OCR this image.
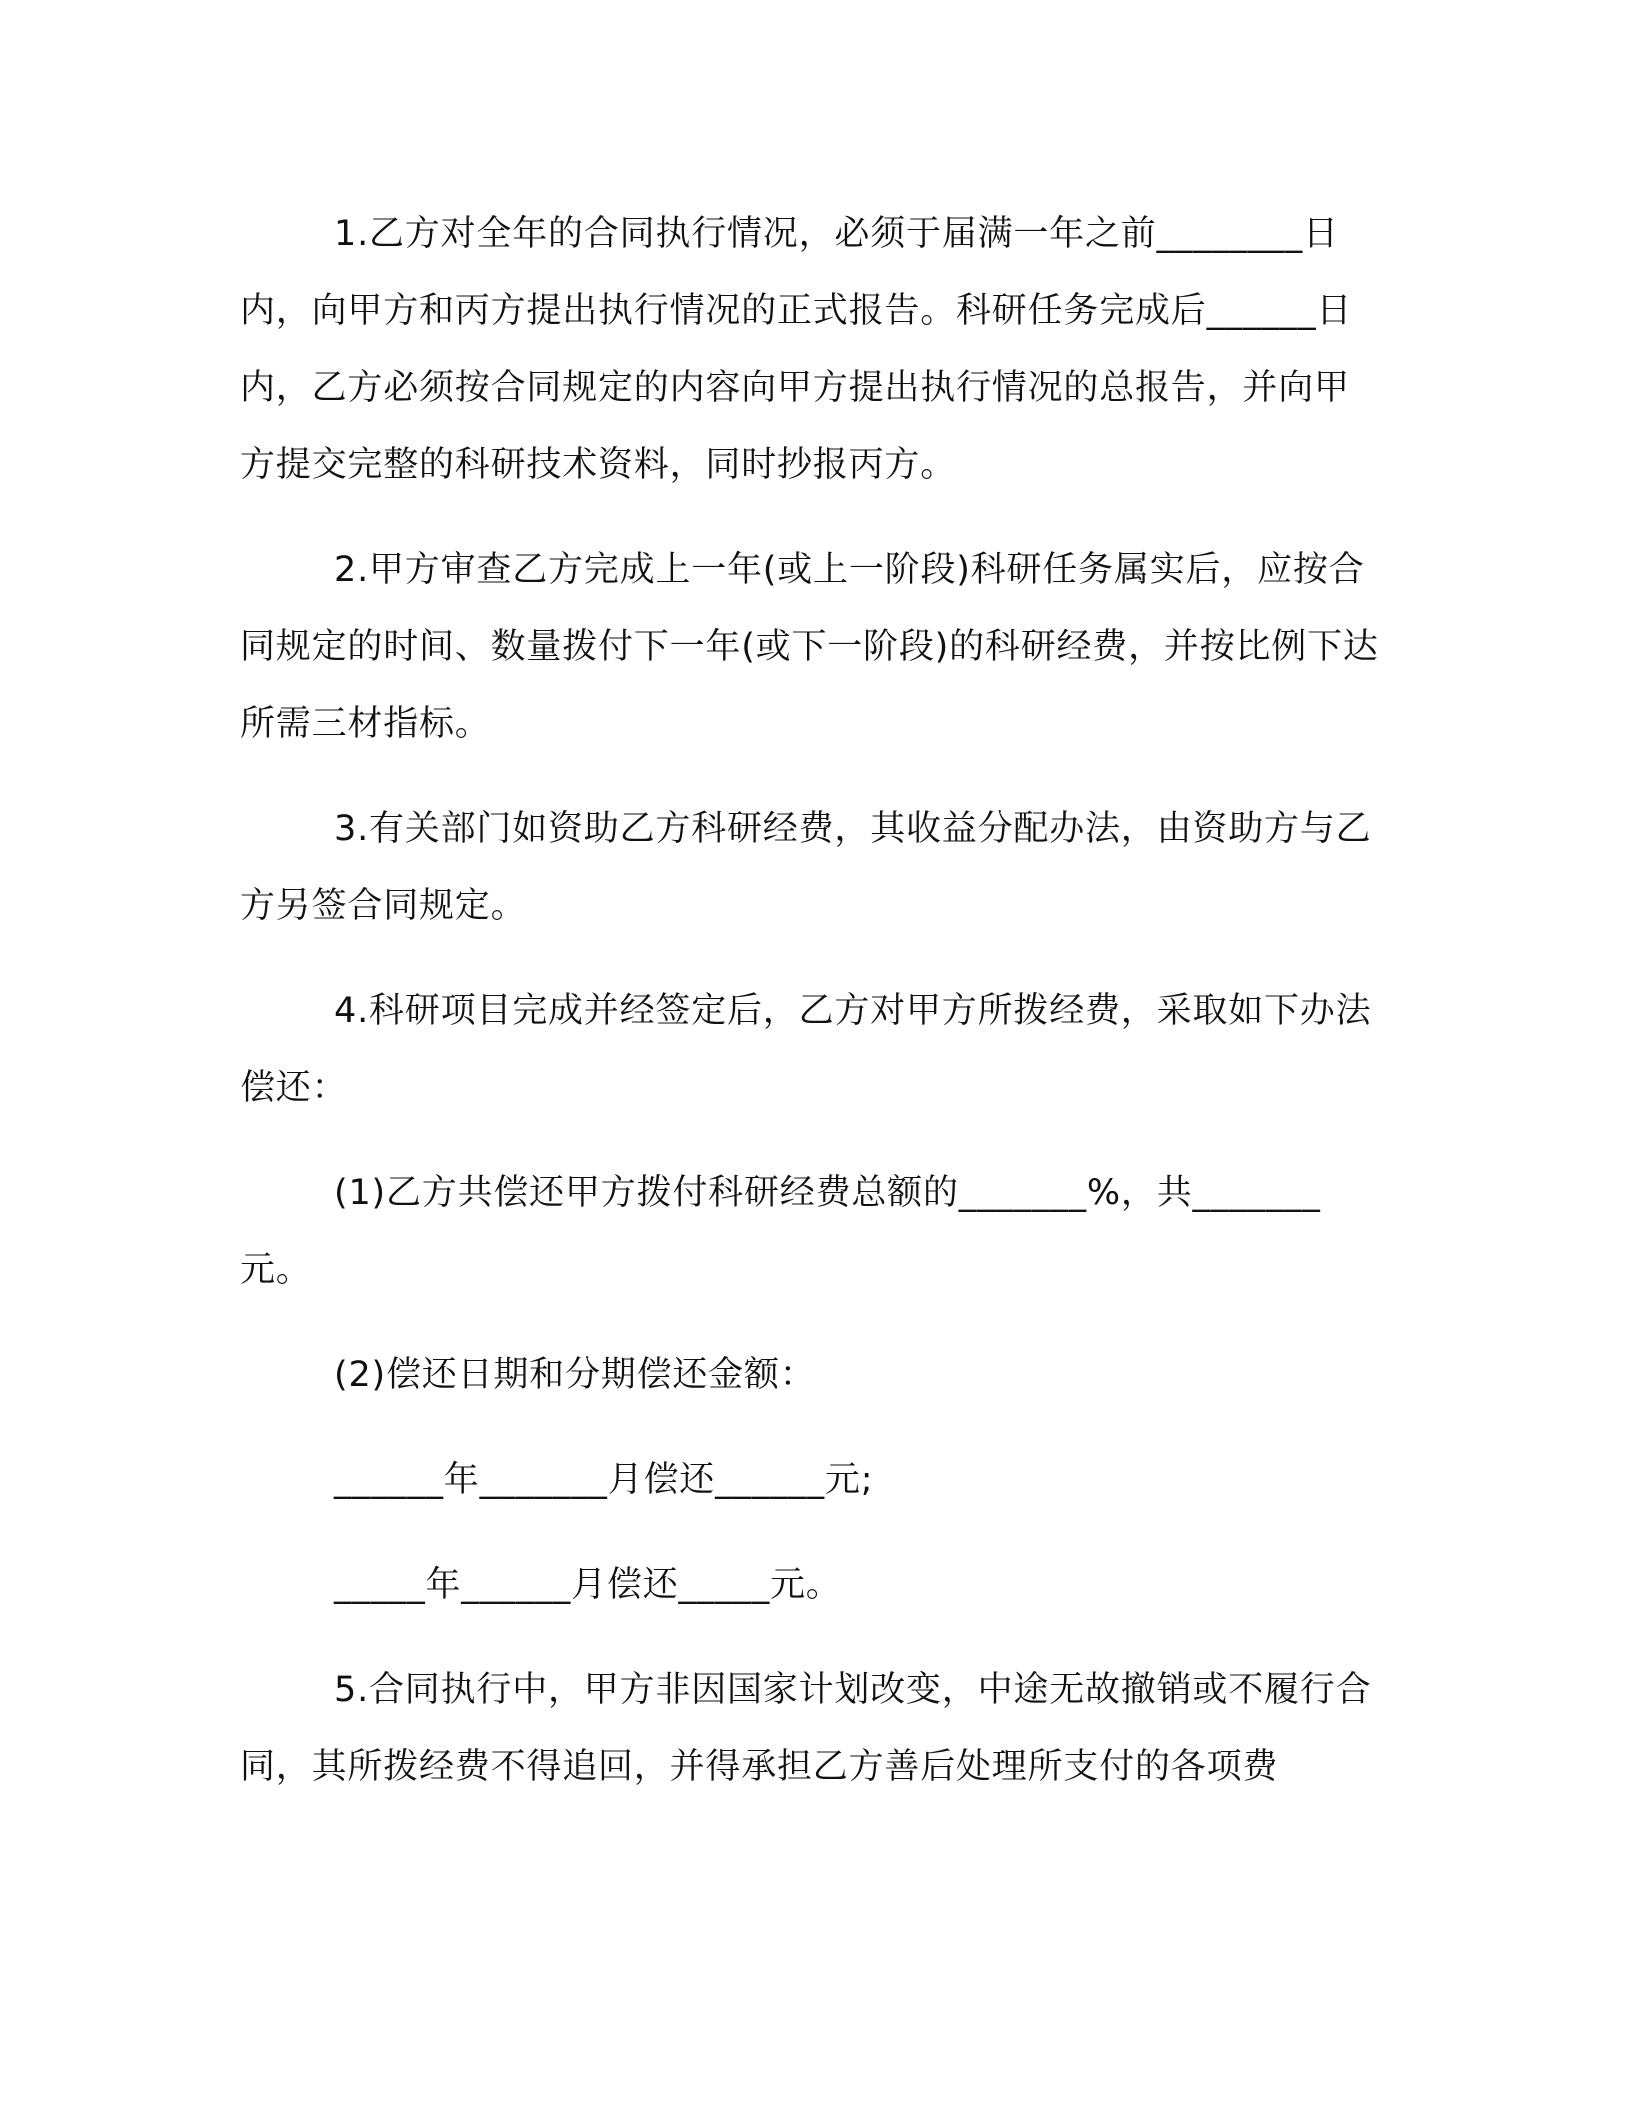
1.乙方对全年的合同执行情况，必须于届满一年之前________日内，向甲方和丙方提出执行情况的正式报告。科研任务完成后______日内，乙方必须按合同规定的内容向甲方提出执行情况的总报告，并向甲方提交完整的科研技术资料，同时抄报丙方。

2.甲方审查乙方完成上一年(或上一阶段)科研任务属实后，应按合同规定的时间、数量拨付下一年(或下一阶段)的科研经费，并按比例下达所需三材指标。

3.有关部门如资助乙方科研经费，其收益分配办法，由资助方与乙方另签合同规定。

4.科研项目完成并经签定后，乙方对甲方所拨经费，采取如下办法偿还：

(1)乙方共偿还甲方拨付科研经费总额的_______%，共_______元。

(2)偿还日期和分期偿还金额：

______年_______月偿还______元;

_____年______月偿还_____元。

5.合同执行中，甲方非因国家计划改变，中途无故撤销或不履行合同，其所拨经费不得追回，并得承担乙方善后处理所支付的各项费
